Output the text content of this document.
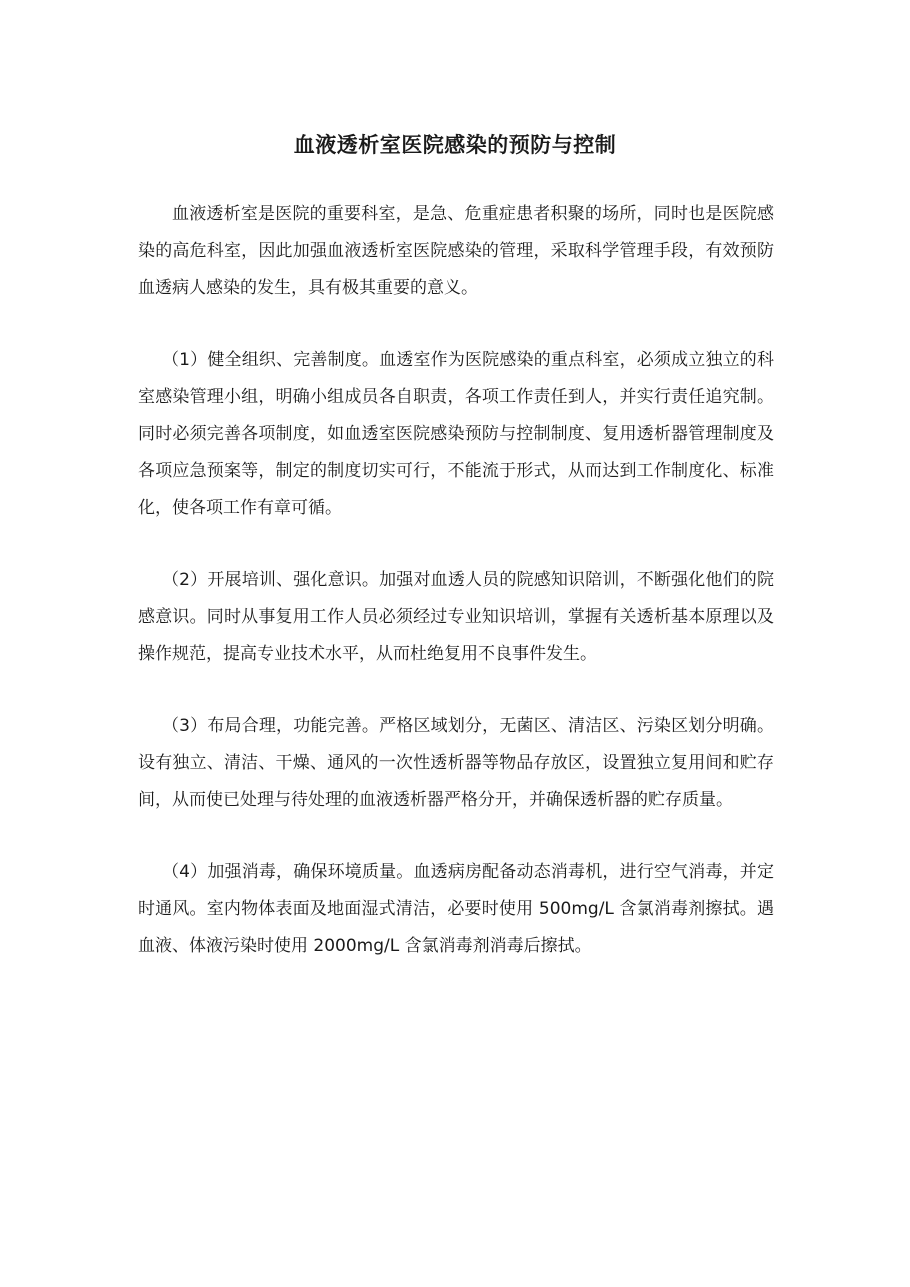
血液透析室医院感染的预防与控制

血液透析室是医院的重要科室，是急、危重症患者积聚的场所，同时也是医院感染的高危科室，因此加强血液透析室医院感染的管理，采取科学管理手段，有效预防血透病人感染的发生，具有极其重要的意义。

（1）健全组织、完善制度。血透室作为医院感染的重点科室，必须成立独立的科室感染管理小组，明确小组成员各自职责，各项工作责任到人，并实行责任追究制。同时必须完善各项制度，如血透室医院感染预防与控制制度、复用透析器管理制度及各项应急预案等，制定的制度切实可行，不能流于形式，从而达到工作制度化、标准化，使各项工作有章可循。

（2）开展培训、强化意识。加强对血透人员的院感知识陪训，不断强化他们的院感意识。同时从事复用工作人员必须经过专业知识培训，掌握有关透析基本原理以及操作规范，提高专业技术水平，从而杜绝复用不良事件发生。

（3）布局合理，功能完善。严格区域划分，无菌区、清洁区、污染区划分明确。设有独立、清洁、干燥、通风的一次性透析器等物品存放区，设置独立复用间和贮存间，从而使已处理与待处理的血液透析器严格分开，并确保透析器的贮存质量。

（4）加强消毒，确保环境质量。血透病房配备动态消毒机，进行空气消毒，并定时通风。室内物体表面及地面湿式清洁，必要时使用 500mg/L 含氯消毒剂擦拭。遇血液、体液污染时使用 2000mg/L 含氯消毒剂消毒后擦拭。
